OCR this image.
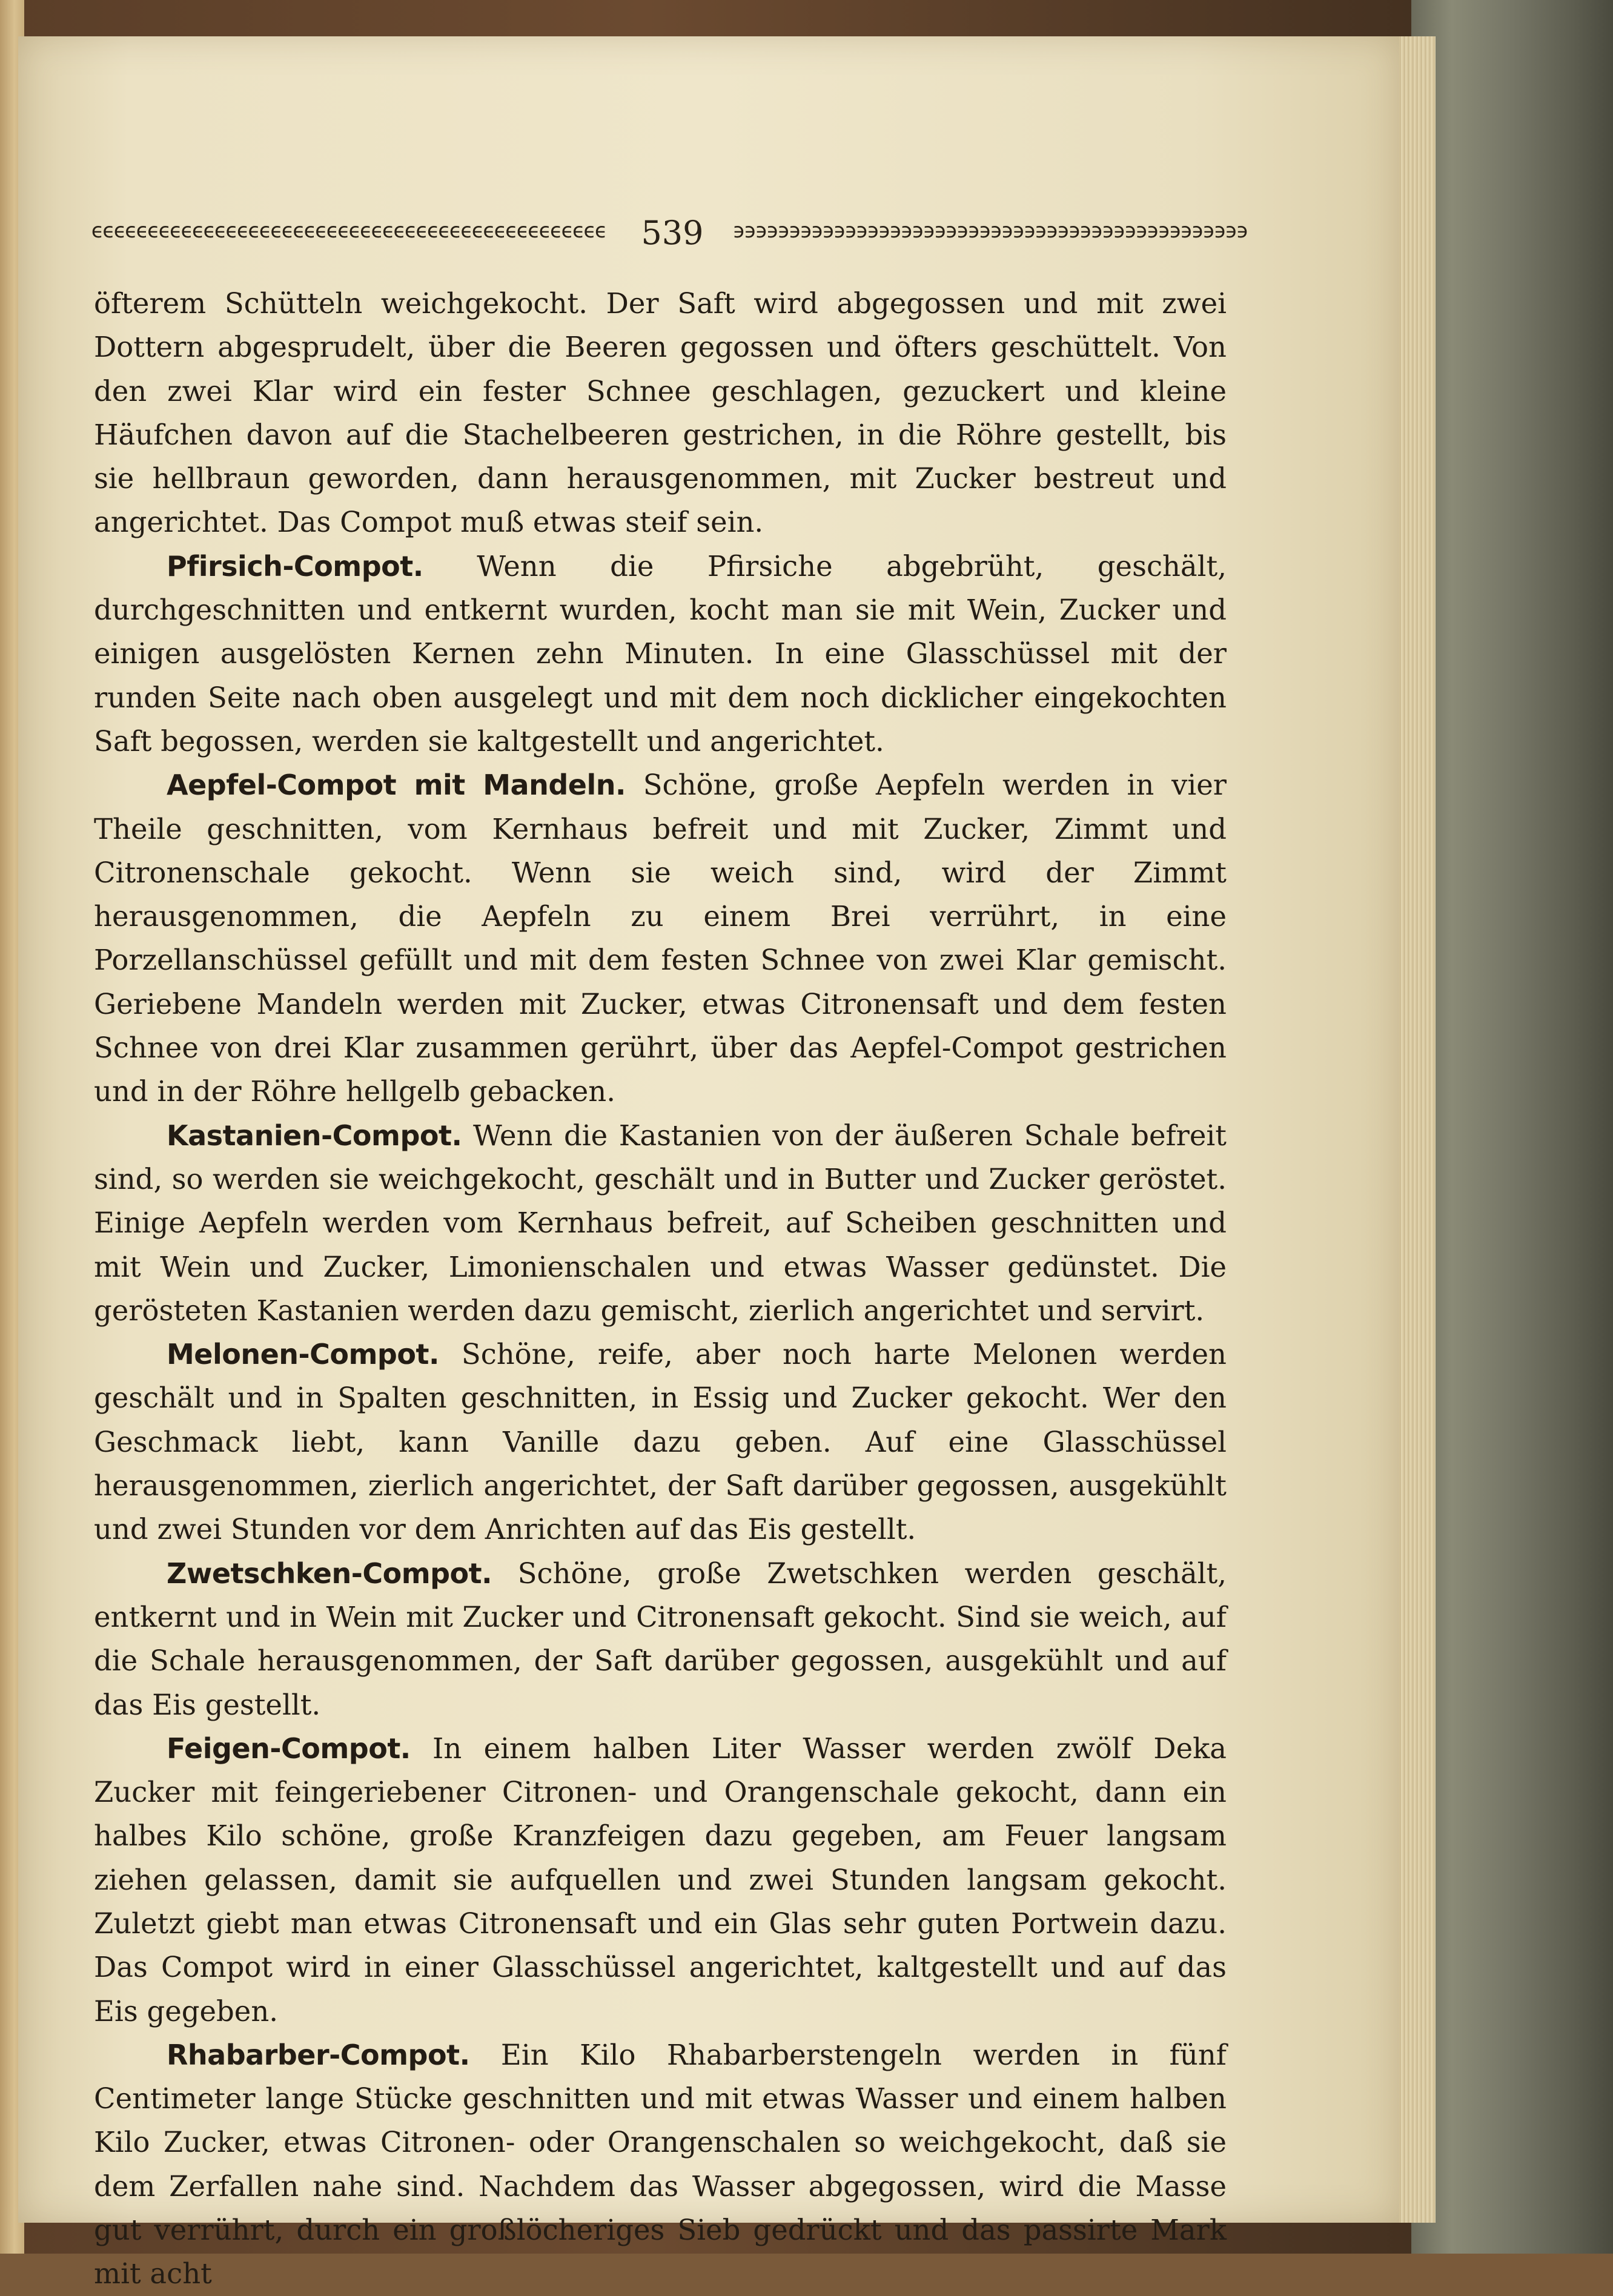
ϵϵϵϵϵϵϵϵϵϵϵϵϵϵϵϵϵϵϵϵϵϵϵϵϵϵϵϵϵϵϵϵϵϵϵϵϵϵϵϵϵϵϵϵϵϵ	539	϶϶϶϶϶϶϶϶϶϶϶϶϶϶϶϶϶϶϶϶϶϶϶϶϶϶϶϶϶϶϶϶϶϶϶϶϶϶϶϶϶϶϶϶϶϶

öfterem Schütteln weichgekocht. Der Saft wird abgegossen und mit zwei Dottern abgesprudelt, über die Beeren gegossen und öfters geschüttelt. Von den zwei Klar wird ein fester Schnee geschlagen, gezuckert und kleine Häufchen davon auf die Stachelbeeren gestrichen, in die Röhre gestellt, bis sie hellbraun geworden, dann herausgenommen, mit Zucker bestreut und angerichtet. Das Compot muß etwas steif sein.

Pfirsich-Compot. Wenn die Pfirsiche abgebrüht, geschält, durchgeschnitten und entkernt wurden, kocht man sie mit Wein, Zucker und einigen ausgelösten Kernen zehn Minuten. In eine Glasschüssel mit der runden Seite nach oben ausgelegt und mit dem noch dicklicher eingekochten Saft begossen, werden sie kaltgestellt und angerichtet.

Aepfel-Compot mit Mandeln. Schöne, große Aepfeln werden in vier Theile geschnitten, vom Kernhaus befreit und mit Zucker, Zimmt und Citronenschale gekocht. Wenn sie weich sind, wird der Zimmt herausgenommen, die Aepfeln zu einem Brei verrührt, in eine Porzellanschüssel gefüllt und mit dem festen Schnee von zwei Klar gemischt. Geriebene Mandeln werden mit Zucker, etwas Citronensaft und dem festen Schnee von drei Klar zusammen gerührt, über das Aepfel-Compot gestrichen und in der Röhre hellgelb gebacken.

Kastanien-Compot. Wenn die Kastanien von der äußeren Schale befreit sind, so werden sie weichgekocht, geschält und in Butter und Zucker geröstet. Einige Aepfeln werden vom Kernhaus befreit, auf Scheiben geschnitten und mit Wein und Zucker, Limonienschalen und etwas Wasser gedünstet. Die gerösteten Kastanien werden dazu gemischt, zierlich angerichtet und servirt.

Melonen-Compot. Schöne, reife, aber noch harte Melonen werden geschält und in Spalten geschnitten, in Essig und Zucker gekocht. Wer den Geschmack liebt, kann Vanille dazu geben. Auf eine Glasschüssel herausgenommen, zierlich angerichtet, der Saft darüber gegossen, ausgekühlt und zwei Stunden vor dem Anrichten auf das Eis gestellt.

Zwetschken-Compot. Schöne, große Zwetschken werden geschält, entkernt und in Wein mit Zucker und Citronensaft gekocht. Sind sie weich, auf die Schale herausgenommen, der Saft darüber gegossen, ausgekühlt und auf das Eis gestellt.

Feigen-Compot. In einem halben Liter Wasser werden zwölf Deka Zucker mit feingeriebener Citronen- und Orangenschale gekocht, dann ein halbes Kilo schöne, große Kranzfeigen dazu gegeben, am Feuer langsam ziehen gelassen, damit sie aufquellen und zwei Stunden langsam gekocht. Zuletzt giebt man etwas Citronensaft und ein Glas sehr guten Portwein dazu. Das Compot wird in einer Glasschüssel angerichtet, kaltgestellt und auf das Eis gegeben.

Rhabarber-Compot. Ein Kilo Rhabarberstengeln werden in fünf Centimeter lange Stücke geschnitten und mit etwas Wasser und einem halben Kilo Zucker, etwas Citronen- oder Orangenschalen so weichgekocht, daß sie dem Zerfallen nahe sind. Nachdem das Wasser abgegossen, wird die Masse gut verrührt, durch ein großlöcheriges Sieb gedrückt und das passirte Mark mit acht
